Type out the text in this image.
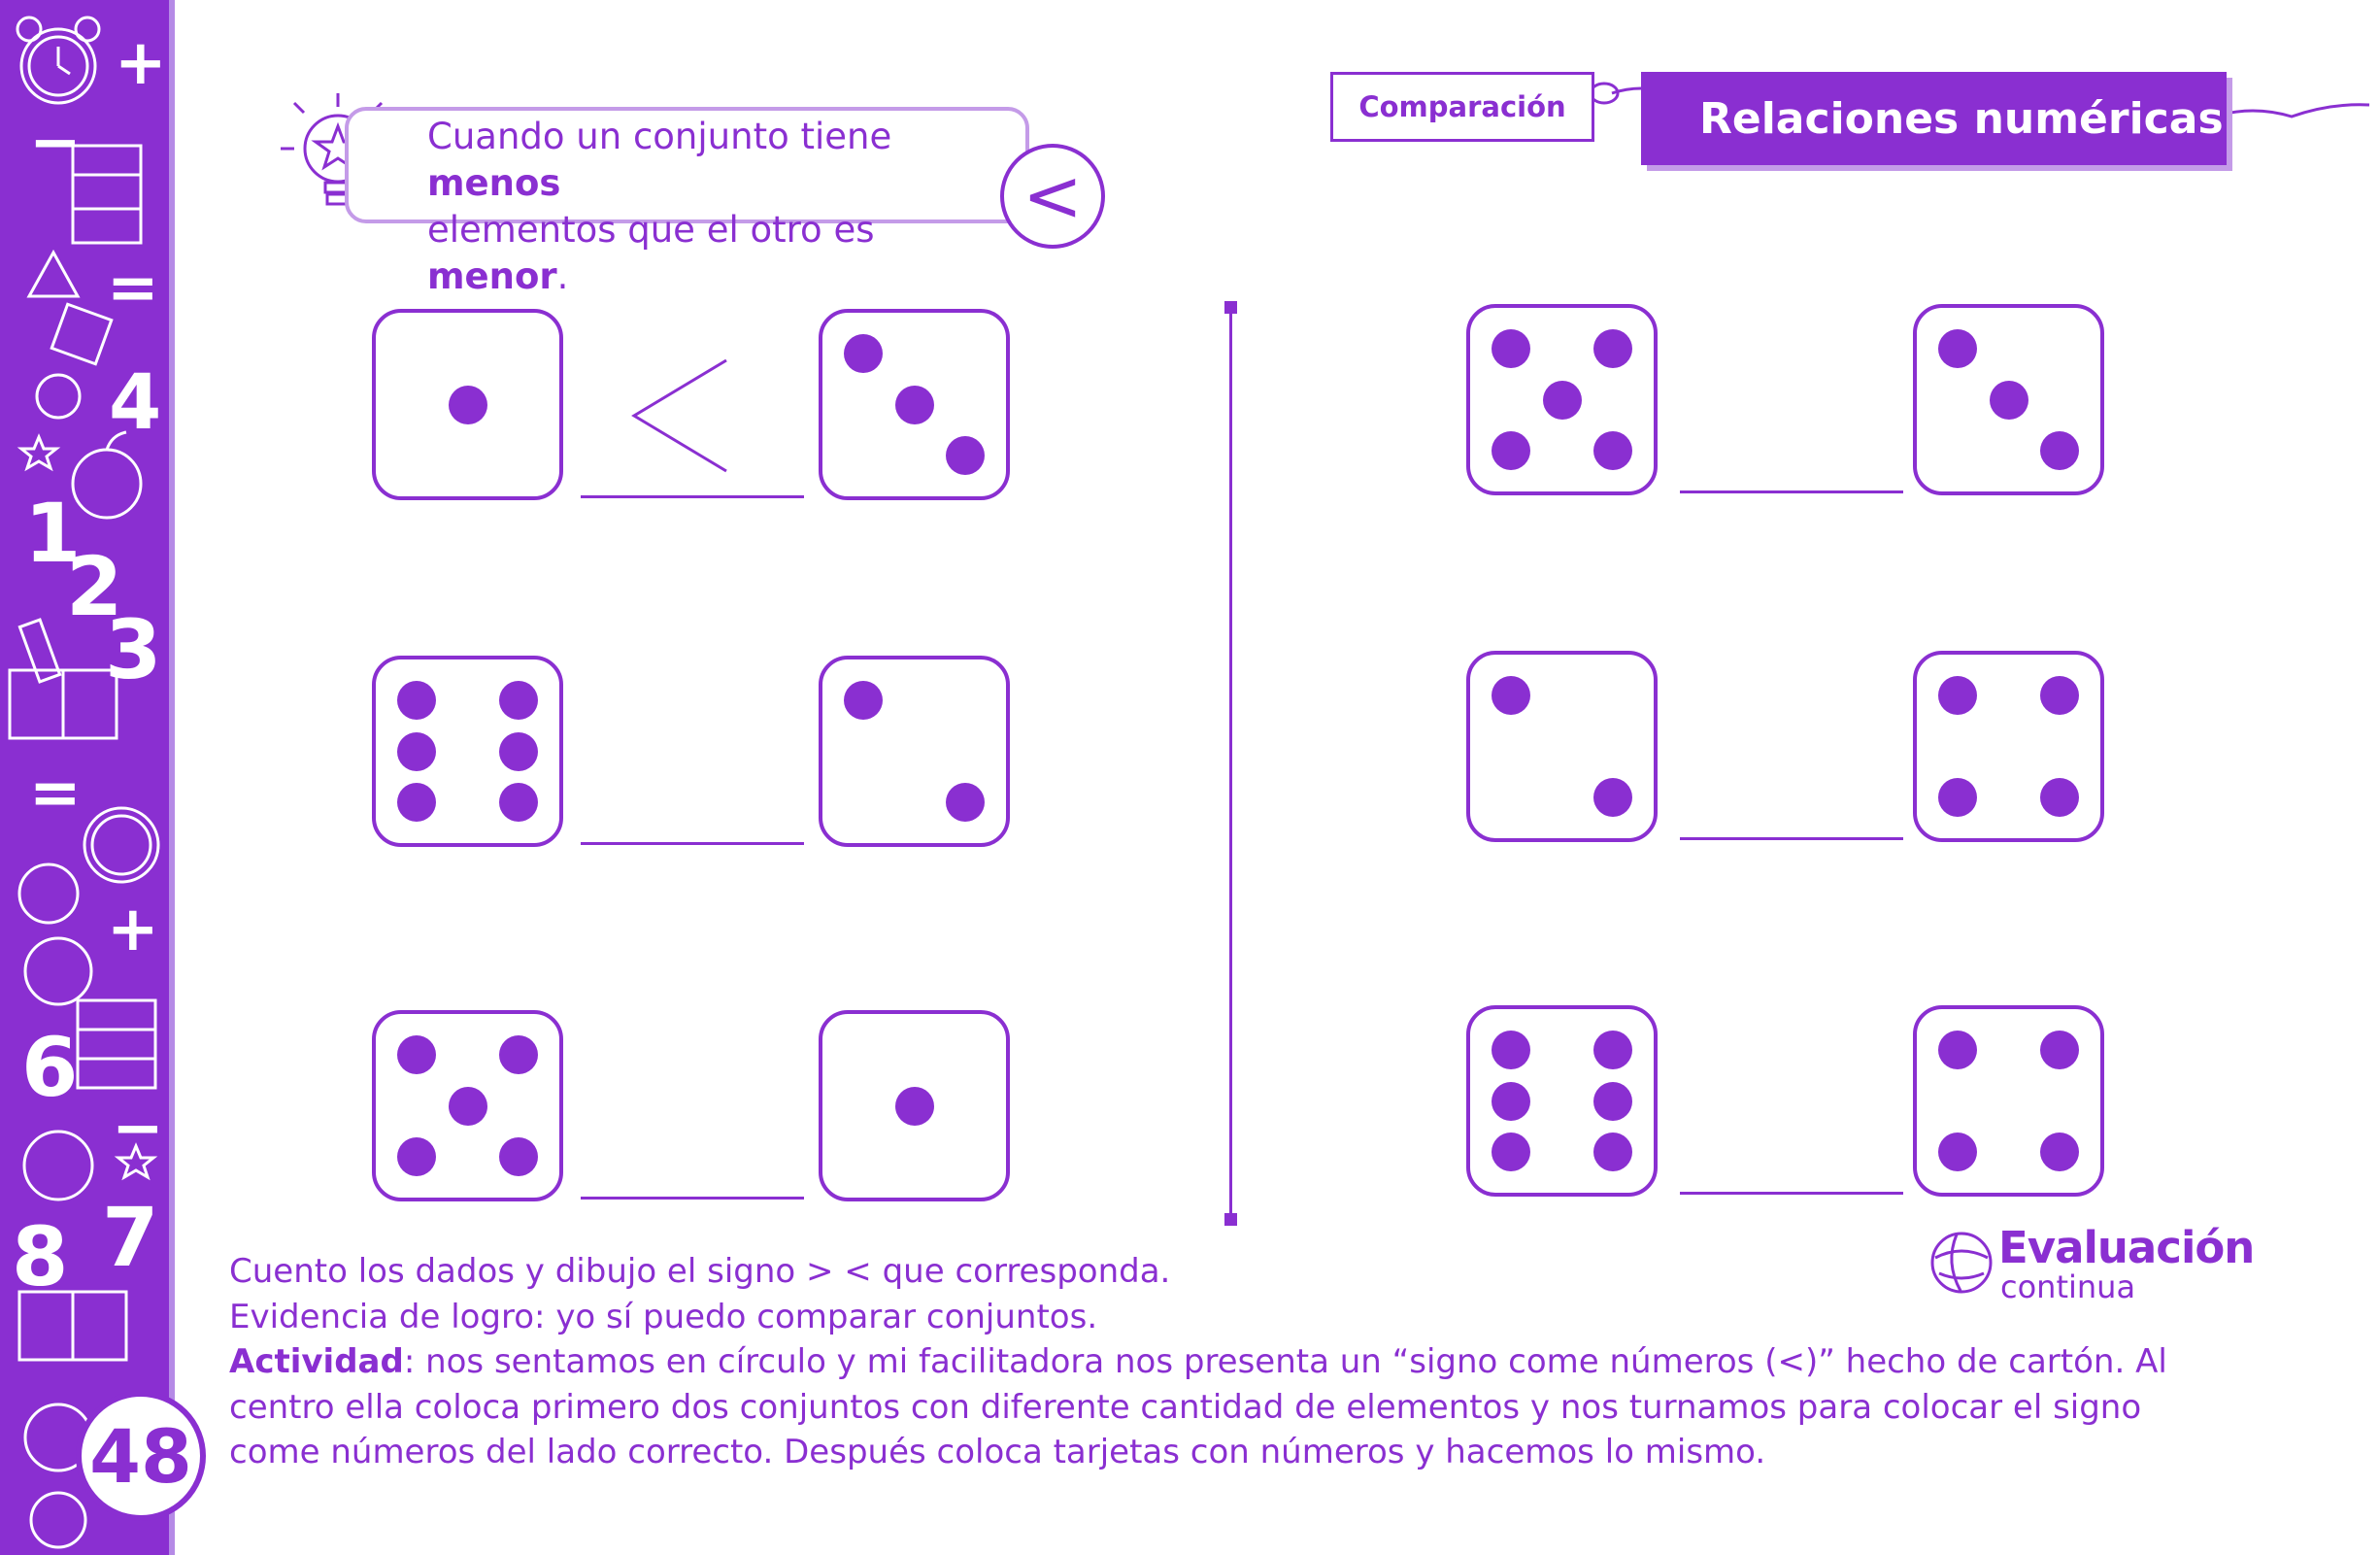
+
−
=
4
1
2
3
=
+
6
−
8 7
48
Cuando un conjunto tiene menos
elementos que el otro es menor.
<
Comparación	Relaciones numéricas
Cuento los dados y dibujo el signo > < que corresponda.
Evidencia de logro: yo sí puedo comparar conjuntos.
Actividad: nos sentamos en círculo y mi facilitadora nos presenta un “signo come números (<)” hecho de cartón. Al centro ella coloca primero dos conjuntos con diferente cantidad de elementos y nos turnamos para colocar el signo come números del lado correcto. Después coloca tarjetas con números y hacemos lo mismo.
Evaluación
continua
